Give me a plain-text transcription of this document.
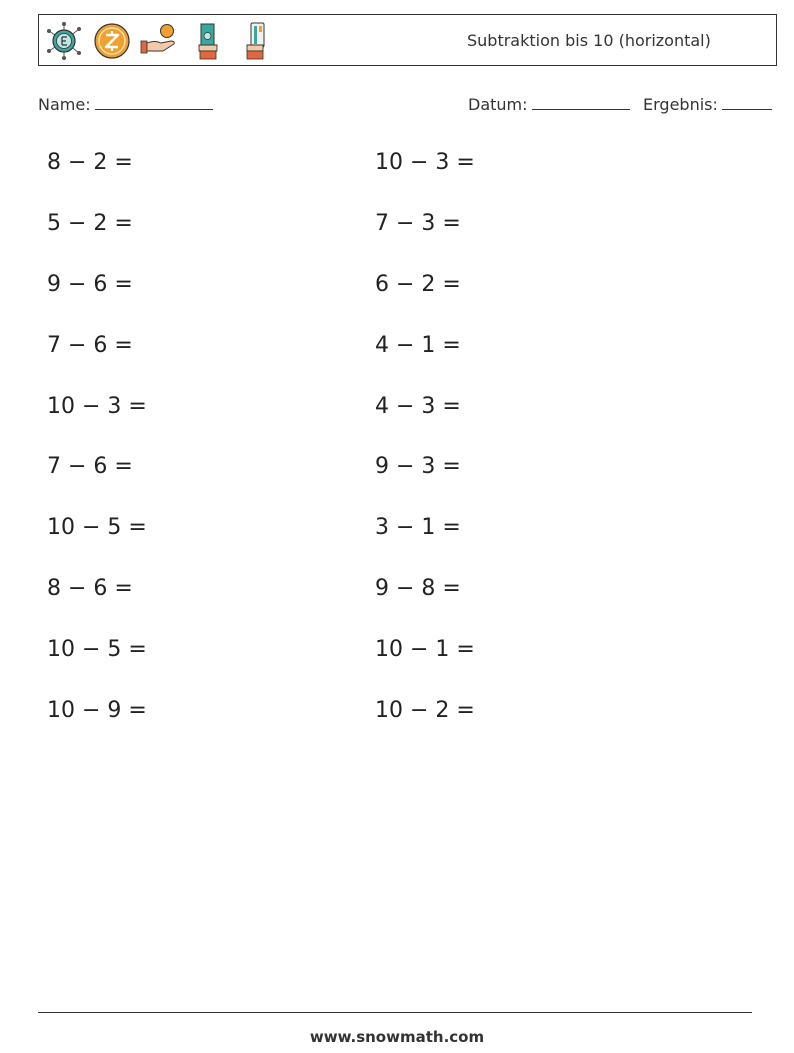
Subtraktion bis 10 (horizontal)
Name:	Datum:	Ergebnis:
8 − 2 =
5 − 2 =
9 − 6 =
7 − 6 =
10 − 3 =
7 − 6 =
10 − 5 =
8 − 6 =
10 − 5 =
10 − 9 =
10 − 3 =
7 − 3 =
6 − 2 =
4 − 1 =
4 − 3 =
9 − 3 =
3 − 1 =
9 − 8 =
10 − 1 =
10 − 2 =
www.snowmath.com
